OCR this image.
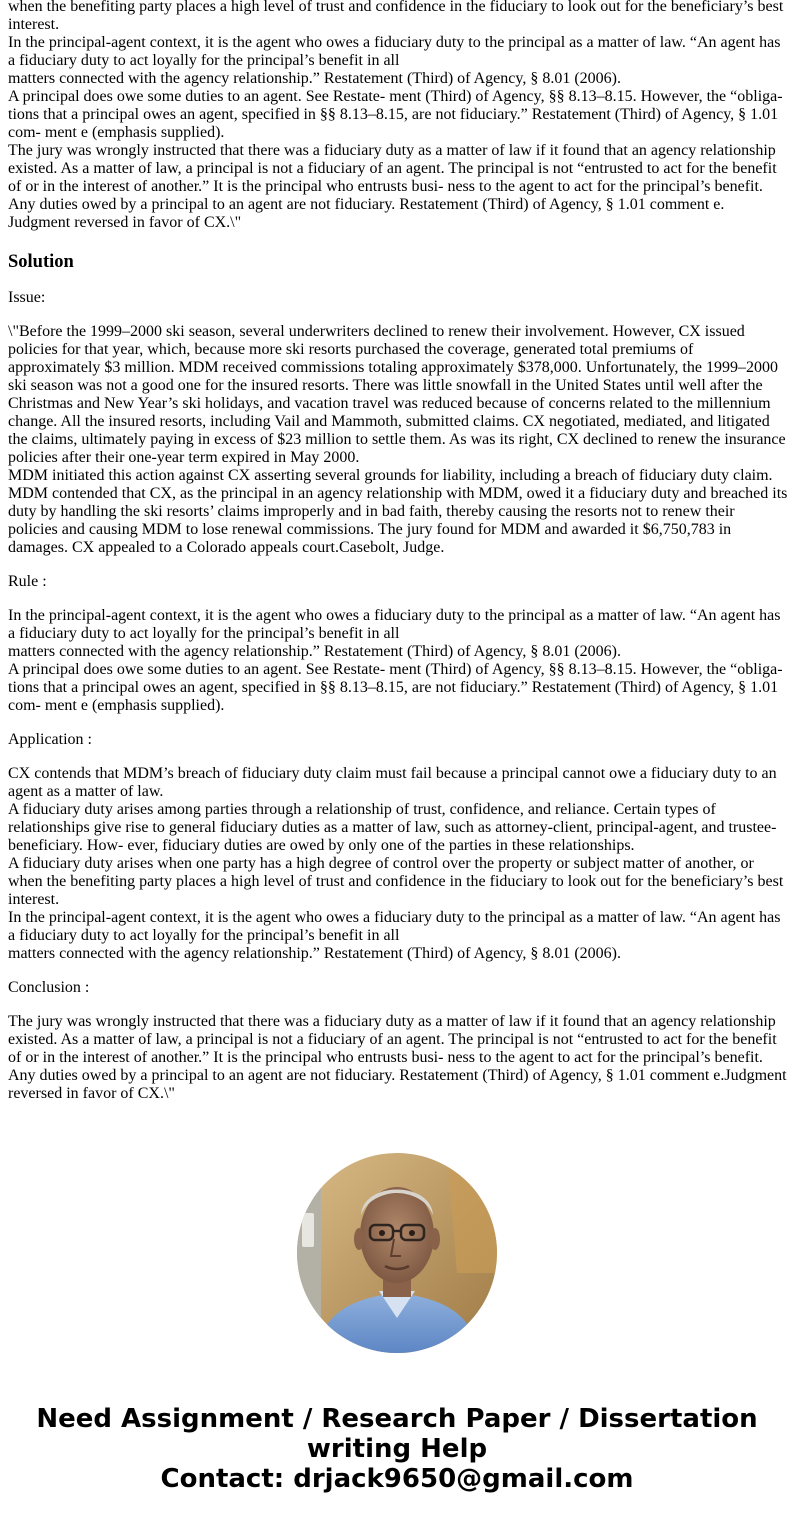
when the benefiting party places a high level of trust and confidence in the fiduciary to look out for the beneficiary’s best interest.
In the principal-agent context, it is the agent who owes a fiduciary duty to the principal as a matter of law. “An agent has a fiduciary duty to act loyally for the principal’s benefit in all
matters connected with the agency relationship.” Restatement (Third) of Agency, § 8.01 (2006).
A principal does owe some duties to an agent. See Restate- ment (Third) of Agency, §§ 8.13–8.15. However, the “obliga- tions that a principal owes an agent, specified in §§ 8.13–8.15, are not fiduciary.” Restatement (Third) of Agency, § 1.01 com- ment e (emphasis supplied).
The jury was wrongly instructed that there was a fiduciary duty as a matter of law if it found that an agency relationship existed. As a matter of law, a principal is not a fiduciary of an agent. The principal is not “entrusted to act for the benefit of or in the interest of another.” It is the principal who entrusts busi- ness to the agent to act for the principal’s benefit.
Any duties owed by a principal to an agent are not fiduciary. Restatement (Third) of Agency, § 1.01 comment e.
Judgment reversed in favor of CX.\"
Solution
Issue:
\"Before the 1999–2000 ski season, several underwriters declined to renew their involvement. However, CX issued policies for that year, which, because more ski resorts purchased the coverage, generated total premiums of approximately $3 million. MDM received commissions totaling approximately $378,000. Unfortunately, the 1999–2000 ski season was not a good one for the insured resorts. There was little snowfall in the United States until well after the Christmas and New Year’s ski holidays, and vacation travel was reduced because of concerns related to the millennium change. All the insured resorts, including Vail and Mammoth, submitted claims. CX negotiated, mediated, and litigated the claims, ultimately paying in excess of $23 million to settle them. As was its right, CX declined to renew the insurance policies after their one-year term expired in May 2000.
MDM initiated this action against CX asserting several grounds for liability, including a breach of fiduciary duty claim. MDM contended that CX, as the principal in an agency relationship with MDM, owed it a fiduciary duty and breached its duty by handling the ski resorts’ claims improperly and in bad faith, thereby causing the resorts not to renew their policies and causing MDM to lose renewal commissions. The jury found for MDM and awarded it $6,750,783 in damages. CX appealed to a Colorado appeals court.Casebolt, Judge.
Rule :
In the principal-agent context, it is the agent who owes a fiduciary duty to the principal as a matter of law. “An agent has a fiduciary duty to act loyally for the principal’s benefit in all
matters connected with the agency relationship.” Restatement (Third) of Agency, § 8.01 (2006).
A principal does owe some duties to an agent. See Restate- ment (Third) of Agency, §§ 8.13–8.15. However, the “obliga- tions that a principal owes an agent, specified in §§ 8.13–8.15, are not fiduciary.” Restatement (Third) of Agency, § 1.01 com- ment e (emphasis supplied).
Application :
CX contends that MDM’s breach of fiduciary duty claim must fail because a principal cannot owe a fiduciary duty to an agent as a matter of law.
A fiduciary duty arises among parties through a relationship of trust, confidence, and reliance. Certain types of relationships give rise to general fiduciary duties as a matter of law, such as attorney-client, principal-agent, and trustee-beneficiary. How- ever, fiduciary duties are owed by only one of the parties in these relationships.
A fiduciary duty arises when one party has a high degree of control over the property or subject matter of another, or when the benefiting party places a high level of trust and confidence in the fiduciary to look out for the beneficiary’s best interest.
In the principal-agent context, it is the agent who owes a fiduciary duty to the principal as a matter of law. “An agent has a fiduciary duty to act loyally for the principal’s benefit in all
matters connected with the agency relationship.” Restatement (Third) of Agency, § 8.01 (2006).
Conclusion :
The jury was wrongly instructed that there was a fiduciary duty as a matter of law if it found that an agency relationship existed. As a matter of law, a principal is not a fiduciary of an agent. The principal is not “entrusted to act for the benefit of or in the interest of another.” It is the principal who entrusts busi- ness to the agent to act for the principal’s benefit. Any duties owed by a principal to an agent are not fiduciary. Restatement (Third) of Agency, § 1.01 comment e.Judgment reversed in favor of CX.\"
Need Assignment / Research Paper / Dissertation
writing Help
Contact: drjack9650@gmail.com
